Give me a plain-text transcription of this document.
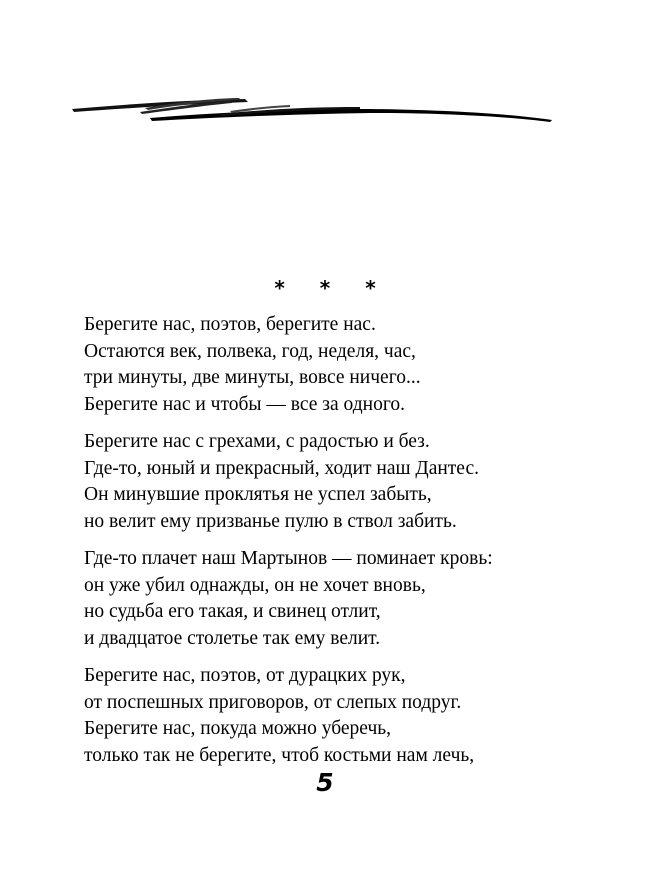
* * *
Берегите нас, поэтов, берегите нас.
Остаются век, полвека, год, неделя, час,
три минуты, две минуты, вовсе ничего...
Берегите нас и чтобы — все за одного.
Берегите нас с грехами, с радостью и без.
Где-то, юный и прекрасный, ходит наш Дантес.
Он минувшие проклятья не успел забыть,
но велит ему призванье пулю в ствол забить.
Где-то плачет наш Мартынов — поминает кровь:
он уже убил однажды, он не хочет вновь,
но судьба его такая, и свинец отлит,
и двадцатое столетье так ему велит.
Берегите нас, поэтов, от дурацких рук,
от поспешных приговоров, от слепых подруг.
Берегите нас, покуда можно уберечь,
только так не берегите, чтоб костьми нам лечь,
5
